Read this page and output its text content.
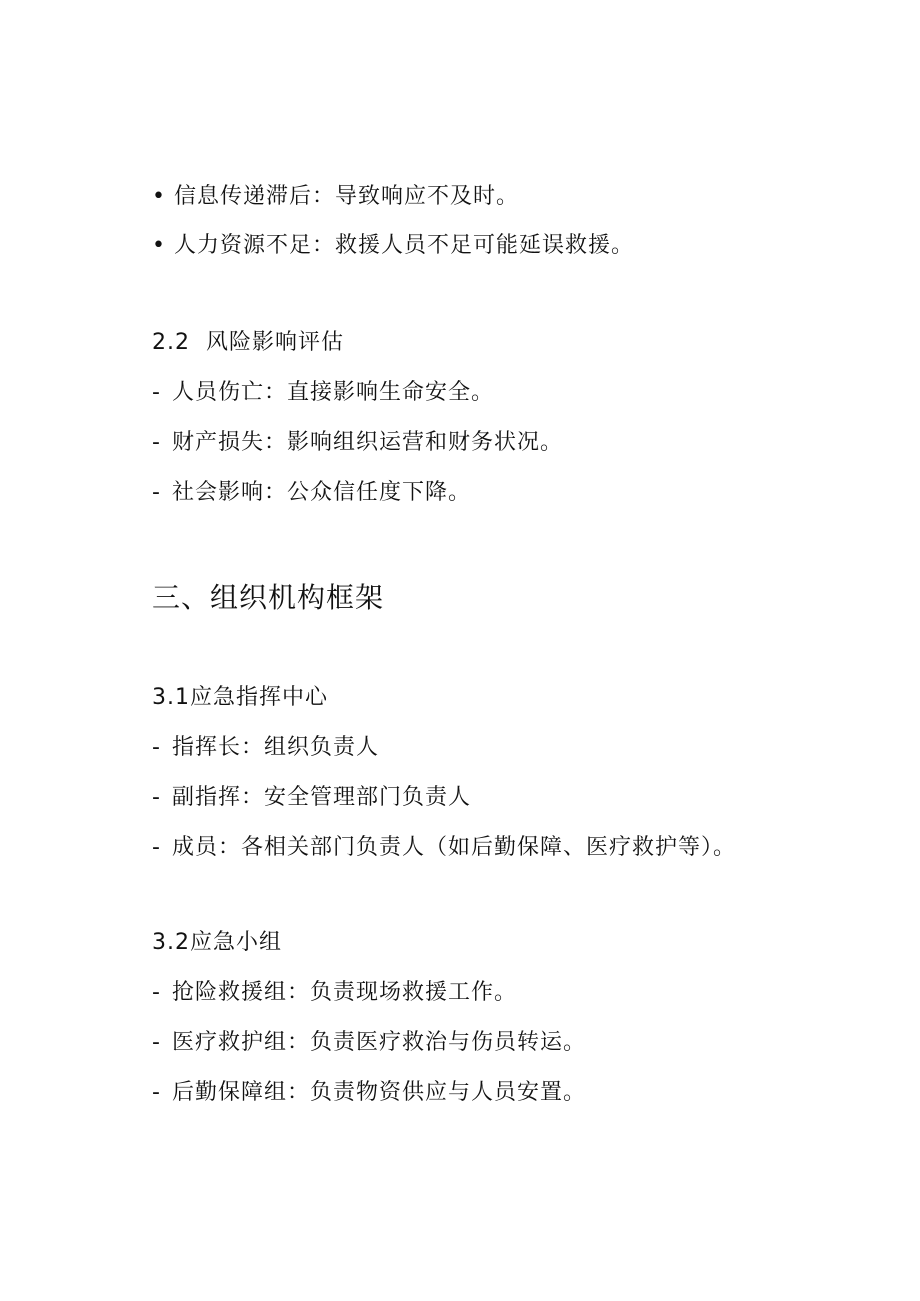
• 信息传递滞后：导致响应不及时。
• 人力资源不足：救援人员不足可能延误救援。
2.2  风险影响评估
- 人员伤亡：直接影响生命安全。
- 财产损失：影响组织运营和财务状况。
- 社会影响：公众信任度下降。
三、组织机构框架
3.1应急指挥中心
- 指挥长：组织负责人
- 副指挥：安全管理部门负责人
- 成员：各相关部门负责人（如后勤保障、医疗救护等）。
3.2应急小组
- 抢险救援组：负责现场救援工作。
- 医疗救护组：负责医疗救治与伤员转运。
- 后勤保障组：负责物资供应与人员安置。
